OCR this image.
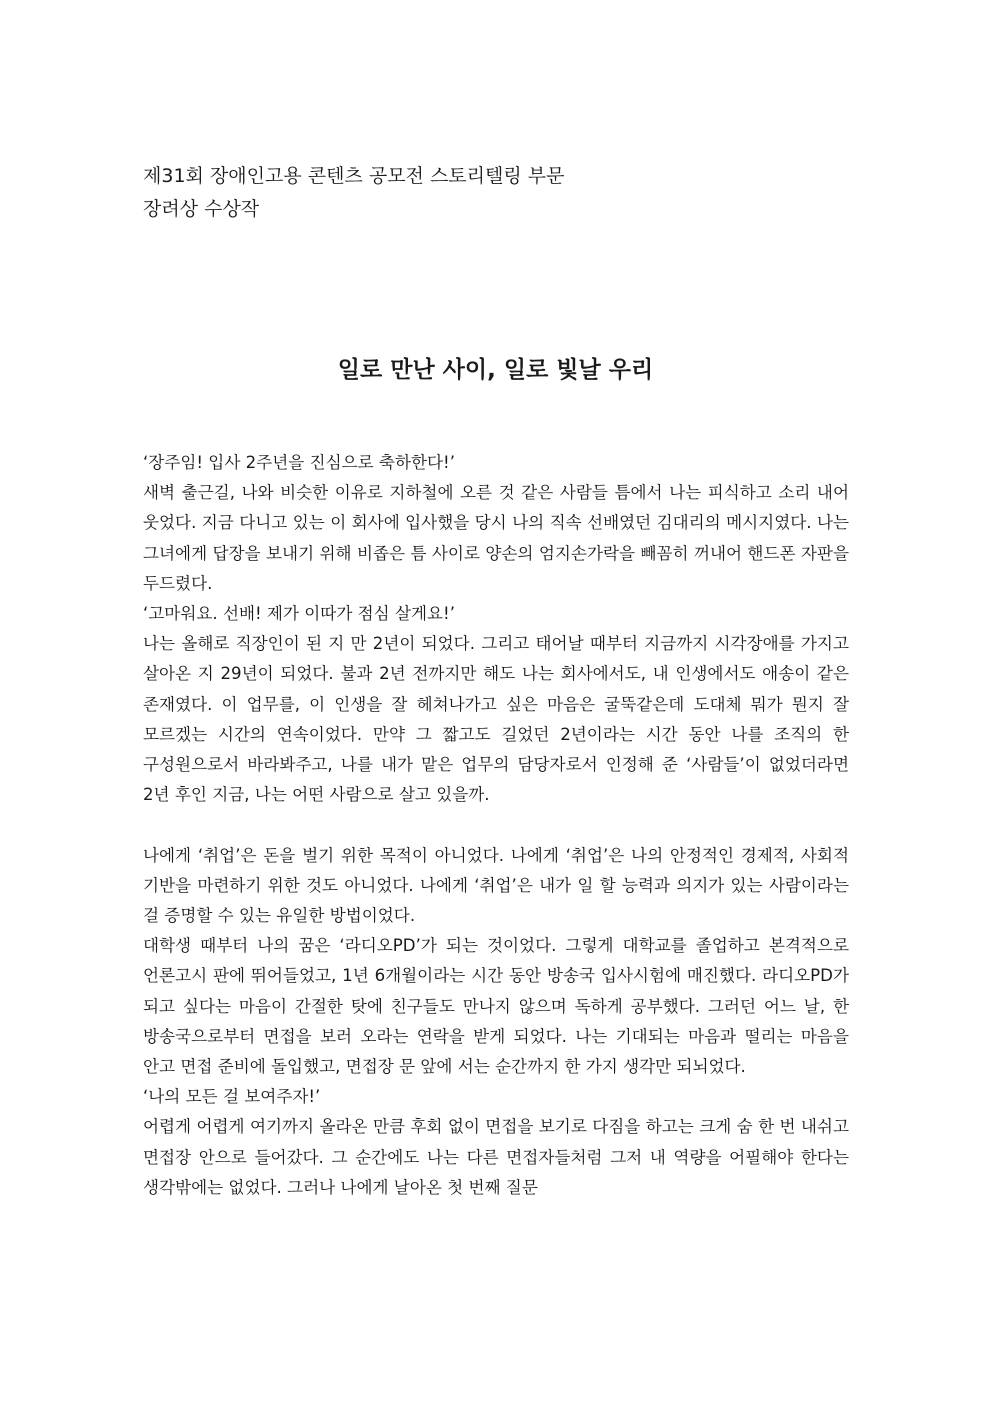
제31회 장애인고용 콘텐츠 공모전 스토리텔링 부문
장려상 수상작
일로 만난 사이, 일로 빛날 우리

‘장주임! 입사 2주년을 진심으로 축하한다!’

새벽 출근길, 나와 비슷한 이유로 지하철에 오른 것 같은 사람들 틈에서 나는 피식하고 소리 내어 웃었다. 지금 다니고 있는 이 회사에 입사했을 당시 나의 직속 선배였던 김대리의 메시지였다. 나는 그녀에게 답장을 보내기 위해 비좁은 틈 사이로 양손의 엄지손가락을 빼꼼히 꺼내어 핸드폰 자판을 두드렸다.

‘고마워요. 선배! 제가 이따가 점심 살게요!’

나는 올해로 직장인이 된 지 만 2년이 되었다. 그리고 태어날 때부터 지금까지 시각장애를 가지고 살아온 지 29년이 되었다. 불과 2년 전까지만 해도 나는 회사에서도, 내 인생에서도 애송이 같은 존재였다. 이 업무를, 이 인생을 잘 헤쳐나가고 싶은 마음은 굴뚝같은데 도대체 뭐가 뭔지 잘 모르겠는 시간의 연속이었다. 만약 그 짧고도 길었던 2년이라는 시간 동안 나를 조직의 한 구성원으로서 바라봐주고, 나를 내가 맡은 업무의 담당자로서 인정해 준 ‘사람들’이 없었더라면 2년 후인 지금, 나는 어떤 사람으로 살고 있을까.

나에게 ‘취업’은 돈을 벌기 위한 목적이 아니었다. 나에게 ‘취업’은 나의 안정적인 경제적, 사회적 기반을 마련하기 위한 것도 아니었다. 나에게 ‘취업’은 내가 일 할 능력과 의지가 있는 사람이라는 걸 증명할 수 있는 유일한 방법이었다.

대학생 때부터 나의 꿈은 ‘라디오PD’가 되는 것이었다. 그렇게 대학교를 졸업하고 본격적으로 언론고시 판에 뛰어들었고, 1년 6개월이라는 시간 동안 방송국 입사시험에 매진했다. 라디오PD가 되고 싶다는 마음이 간절한 탓에 친구들도 만나지 않으며 독하게 공부했다. 그러던 어느 날, 한 방송국으로부터 면접을 보러 오라는 연락을 받게 되었다. 나는 기대되는 마음과 떨리는 마음을 안고 면접 준비에 돌입했고, 면접장 문 앞에 서는 순간까지 한 가지 생각만 되뇌었다.

‘나의 모든 걸 보여주자!’

어렵게 어렵게 여기까지 올라온 만큼 후회 없이 면접을 보기로 다짐을 하고는 크게 숨 한 번 내쉬고 면접장 안으로 들어갔다. 그 순간에도 나는 다른 면접자들처럼 그저 내 역량을 어필해야 한다는 생각밖에는 없었다. 그러나 나에게 날아온 첫 번째 질문
